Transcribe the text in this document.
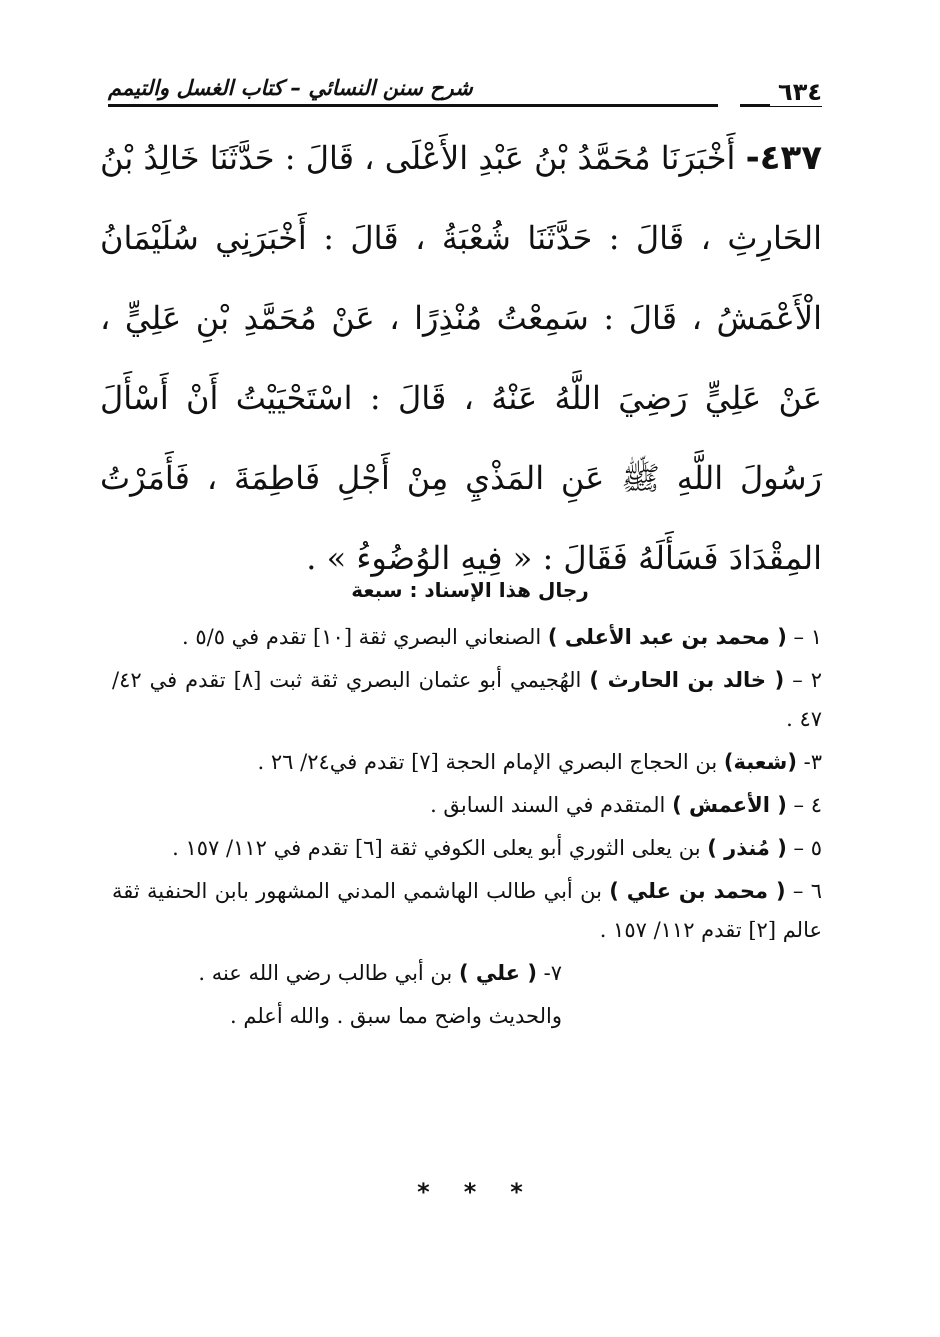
شرح سنن النسائي – كتاب الغسل والتيمم	٦٣٤
٤٣٧- أَخْبَرَنَا مُحَمَّدُ بْنُ عَبْدِ الأَعْلَى ، قَالَ : حَدَّثَنَا خَالِدُ بْنُ الحَارِثِ ، قَالَ : حَدَّثَنَا شُعْبَةُ ، قَالَ : أَخْبَرَنِي سُلَيْمَانُ الْأَعْمَشُ ، قَالَ : سَمِعْتُ مُنْذِرًا ، عَنْ مُحَمَّدِ بْنِ عَلِيٍّ ، عَنْ عَلِيٍّ رَضِيَ اللَّهُ عَنْهُ ، قَالَ : اسْتَحْيَيْتُ أَنْ أَسْأَلَ رَسُولَ اللَّهِ ﷺ عَنِ المَذْيِ مِنْ أَجْلِ فَاطِمَةَ ، فَأَمَرْتُ المِقْدَادَ فَسَأَلَهُ فَقَالَ : « فِيهِ الوُضُوءُ » .
رجال هذا الإسناد : سبعة

١ – ( محمد بن عبد الأعلى ) الصنعاني البصري ثقة [١٠] تقدم في ٥/٥ .

٢ – ( خالد بن الحارث ) الهُجيمي أبو عثمان البصري ثقة ثبت [٨] تقدم في ٤٢/ ٤٧ .

٣- (شعبة) بن الحجاج البصري الإمام الحجة [٧] تقدم في٢٤/ ٢٦ .

٤ – ( الأعمش ) المتقدم في السند السابق .

٥ – ( مُنذر ) بن يعلى الثوري أبو يعلى الكوفي ثقة [٦] تقدم في ١١٢/ ١٥٧ .

٦ – ( محمد بن علي ) بن أبي طالب الهاشمي المدني المشهور بابن الحنفية ثقة عالم [٢] تقدم ١١٢/ ١٥٧ .

٧- ( علي ) بن أبي طالب رضي الله عنه .

والحديث واضح مما سبق . والله أعلم .

***
